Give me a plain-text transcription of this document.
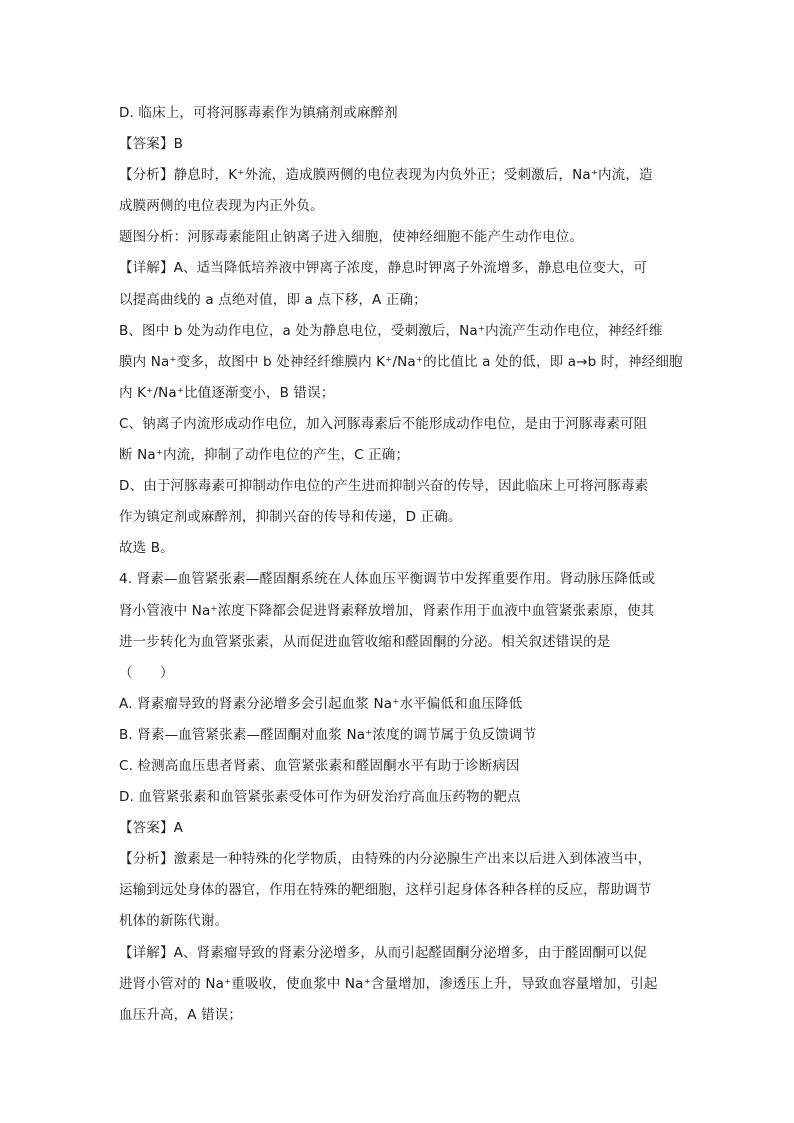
D. 临床上，可将河豚毒素作为镇痛剂或麻醉剂
【答案】B
【分析】静息时，K⁺外流，造成膜两侧的电位表现为内负外正；受刺激后，Na⁺内流，造
成膜两侧的电位表现为内正外负。
题图分析：河豚毒素能阻止钠离子进入细胞，使神经细胞不能产生动作电位。
【详解】A、适当降低培养液中钾离子浓度，静息时钾离子外流增多，静息电位变大，可
以提高曲线的 a 点绝对值，即 a 点下移，A 正确；
B、图中 b 处为动作电位，a 处为静息电位，受刺激后，Na⁺内流产生动作电位，神经纤维
膜内 Na⁺变多，故图中 b 处神经纤维膜内 K⁺/Na⁺的比值比 a 处的低，即 a→b 时，神经细胞
内 K⁺/Na⁺比值逐渐变小，B 错误；
C、钠离子内流形成动作电位，加入河豚毒素后不能形成动作电位，是由于河豚毒素可阻
断 Na⁺内流，抑制了动作电位的产生，C 正确；
D、由于河豚毒素可抑制动作电位的产生进而抑制兴奋的传导，因此临床上可将河豚毒素
作为镇定剂或麻醉剂，抑制兴奋的传导和传递，D 正确。
故选 B。
4. 肾素—血管紧张素—醛固酮系统在人体血压平衡调节中发挥重要作用。肾动脉压降低或
肾小管液中 Na⁺浓度下降都会促进肾素释放增加，肾素作用于血液中血管紧张素原，使其
进一步转化为血管紧张素，从而促进血管收缩和醛固酮的分泌。相关叙述错误的是
（　　）
A. 肾素瘤导致的肾素分泌增多会引起血浆 Na⁺水平偏低和血压降低
B. 肾素—血管紧张素—醛固酮对血浆 Na⁺浓度的调节属于负反馈调节
C. 检测高血压患者肾素、血管紧张素和醛固酮水平有助于诊断病因
D. 血管紧张素和血管紧张素受体可作为研发治疗高血压药物的靶点
【答案】A
【分析】激素是一种特殊的化学物质，由特殊的内分泌腺生产出来以后进入到体液当中，
运输到远处身体的器官，作用在特殊的靶细胞，这样引起身体各种各样的反应，帮助调节
机体的新陈代谢。
【详解】A、肾素瘤导致的肾素分泌增多，从而引起醛固酮分泌增多，由于醛固酮可以促
进肾小管对的 Na⁺重吸收，使血浆中 Na⁺含量增加，渗透压上升，导致血容量增加，引起
血压升高，A 错误；
